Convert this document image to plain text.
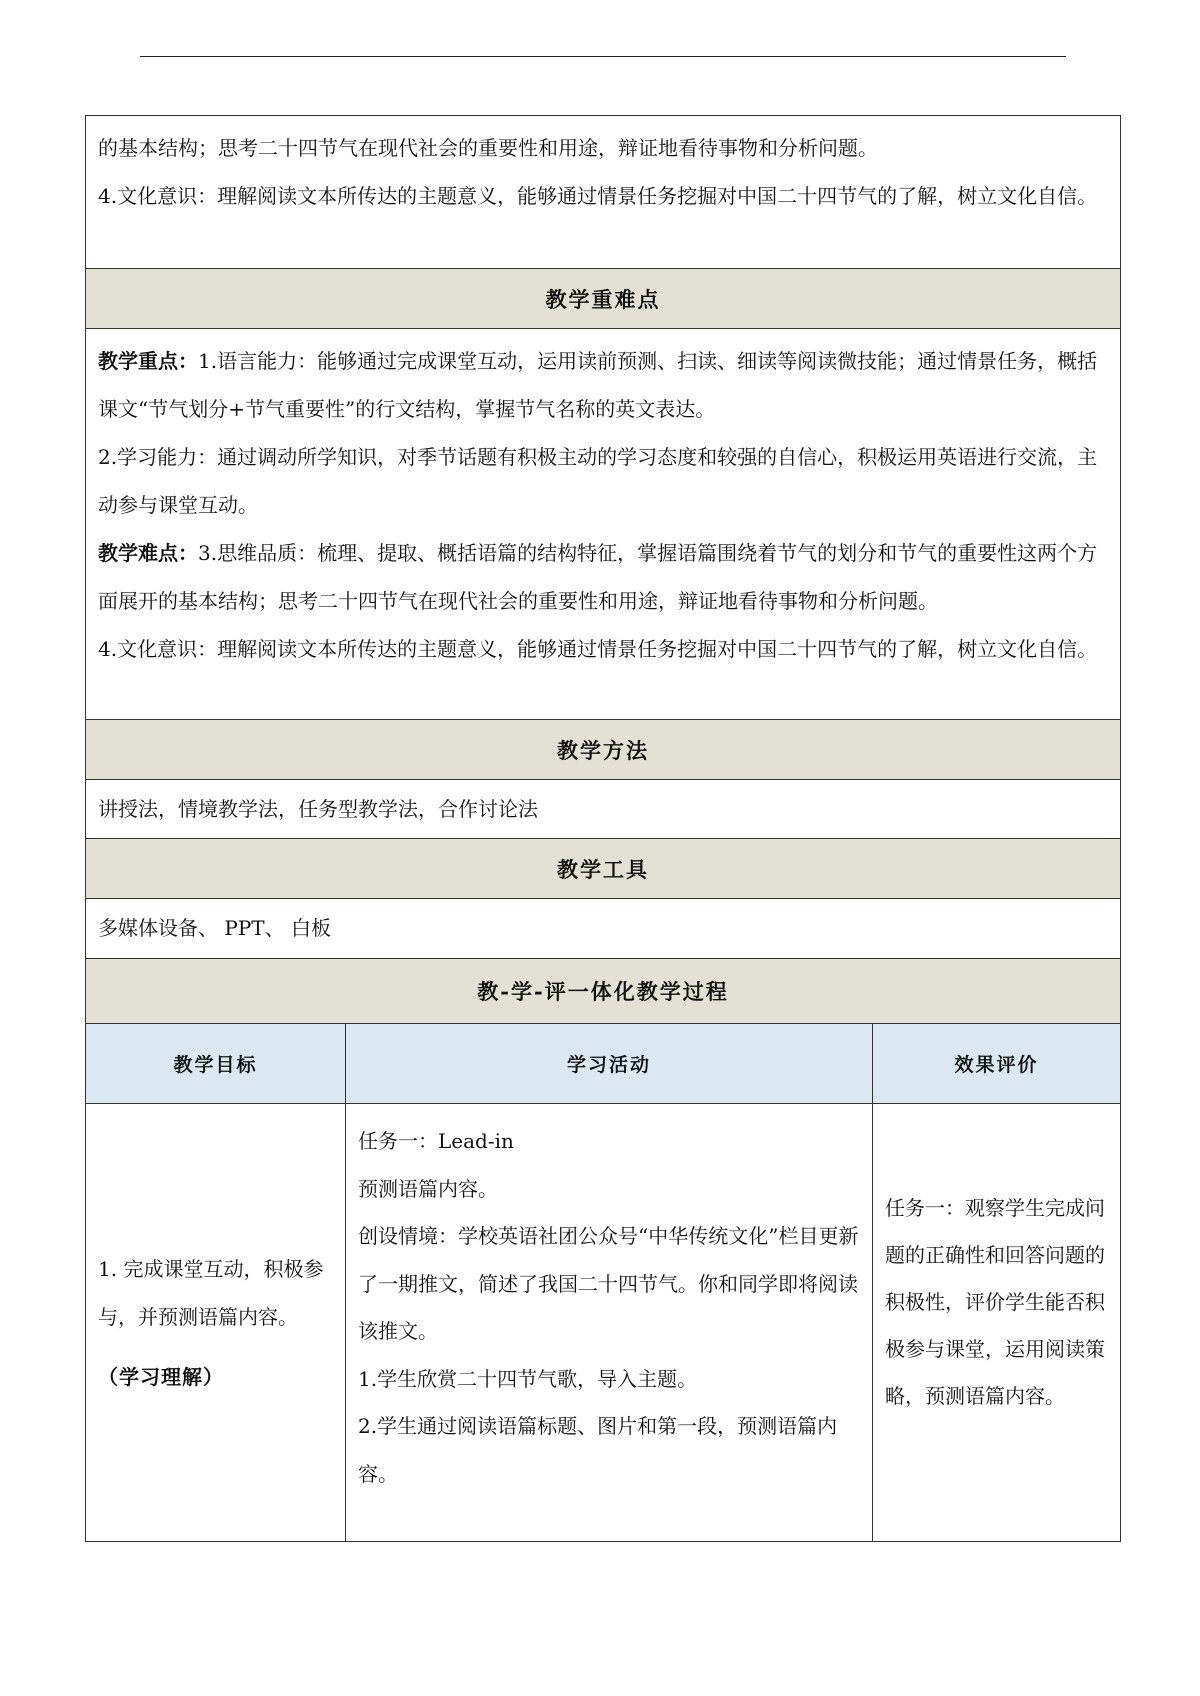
的基本结构；思考二十四节气在现代社会的重要性和用途，辩证地看待事物和分析问题。

4.文化意识：理解阅读文本所传达的主题意义，能够通过情景任务挖掘对中国二十四节气的了解，树立文化自信。

教学重难点

教学重点：1.语言能力：能够通过完成课堂互动，运用读前预测、扫读、细读等阅读微技能；通过情景任务，概括课文“节气划分+节气重要性”的行文结构，掌握节气名称的英文表达。

2.学习能力：通过调动所学知识，对季节话题有积极主动的学习态度和较强的自信心，积极运用英语进行交流，主动参与课堂互动。

教学难点：3.思维品质：梳理、提取、概括语篇的结构特征，掌握语篇围绕着节气的划分和节气的重要性这两个方面展开的基本结构；思考二十四节气在现代社会的重要性和用途，辩证地看待事物和分析问题。

4.文化意识：理解阅读文本所传达的主题意义，能够通过情景任务挖掘对中国二十四节气的了解，树立文化自信。

教学方法

讲授法，情境教学法，任务型教学法，合作讨论法

教学工具

多媒体设备、 PPT、 白板

教-学-评一体化教学过程
教学目标	学习活动	效果评价

1. 完成课堂互动，积极参与，并预测语篇内容。

（学习理解）

任务一：Lead-in

预测语篇内容。

创设情境：学校英语社团公众号“中华传统文化”栏目更新了一期推文，简述了我国二十四节气。你和同学即将阅读该推文。

1.学生欣赏二十四节气歌，导入主题。

2.学生通过阅读语篇标题、图片和第一段，预测语篇内容。

任务一：观察学生完成问题的正确性和回答问题的积极性，评价学生能否积极参与课堂，运用阅读策略，预测语篇内容。
